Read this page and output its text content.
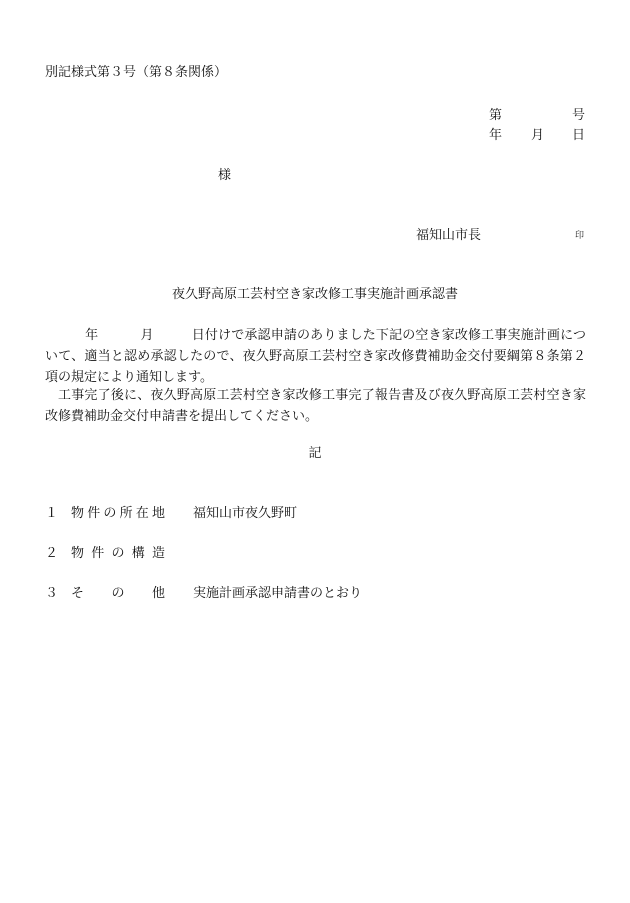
別記様式第３号（第８条関係）
第	号
年 月 日
様
福知山市長	印
夜久野高原工芸村空き家改修工事実施計画承認書
年	月	日付けで承認申請のありました下記の空き家改修工事実施計画について、適当と認め承認したので、夜久野高原工芸村空き家改修費補助金交付要綱第８条第２項の規定により通知します。
工事完了後に、夜久野高原工芸村空き家改修工事完了報告書及び夜久野高原工芸村空き家改修費補助金交付申請書を提出してください。
記
１ 物 件 の 所 在 地 福知山市夜久野町
２ 物 件 の 構 造
３ そ の 他 実施計画承認申請書のとおり
